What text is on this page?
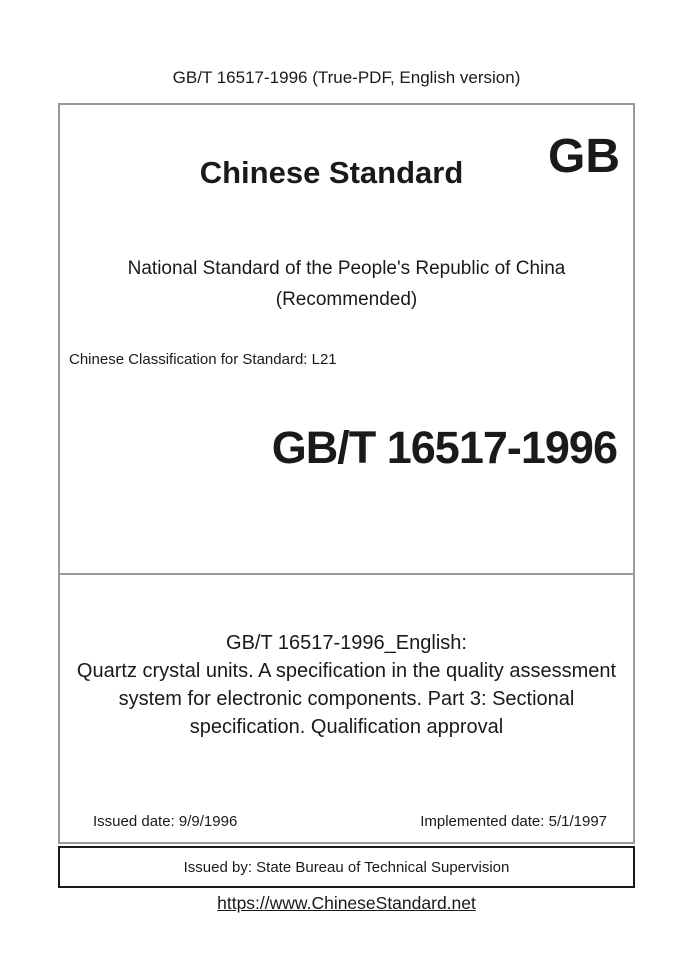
GB/T 16517-1996 (True-PDF, English version)
Chinese Standard	GB
National Standard of the People's Republic of China
(Recommended)
Chinese Classification for Standard: L21
GB/T 16517-1996
GB/T 16517-1996_English:
Quartz crystal units. A specification in the quality assessment
system for electronic components. Part 3: Sectional
specification. Qualification approval
Issued date: 9/9/1996	Implemented date: 5/1/1997
Issued by: State Bureau of Technical Supervision
https://www.ChineseStandard.net
